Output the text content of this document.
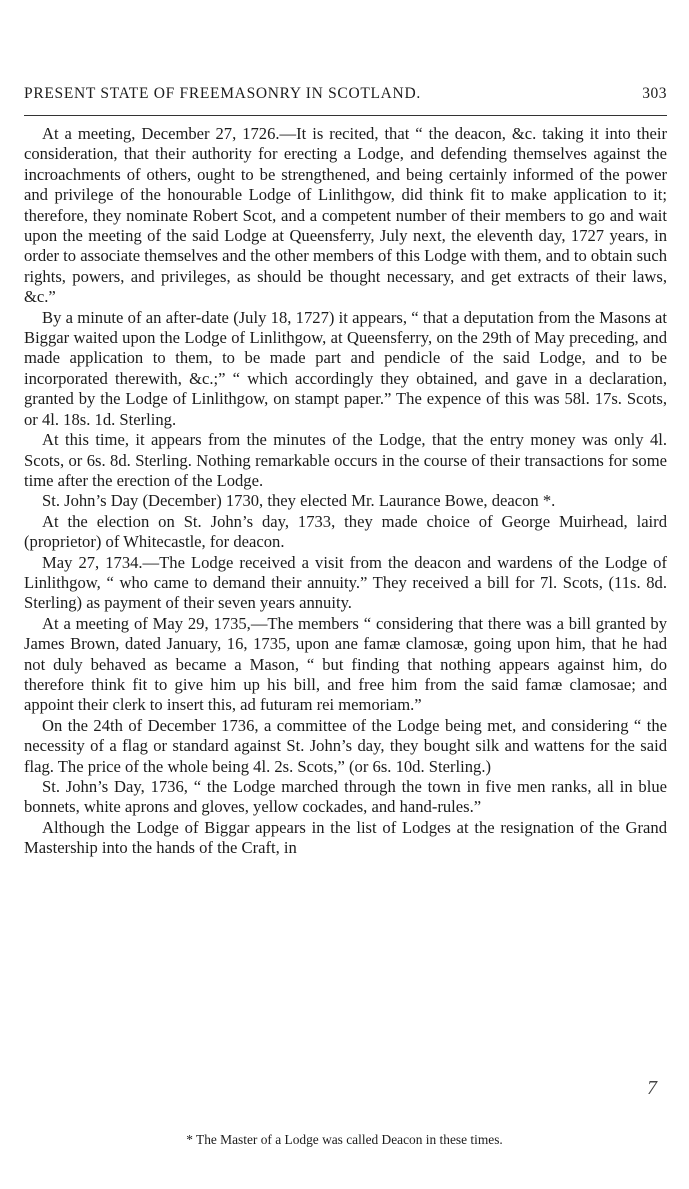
PRESENT STATE OF FREEMASONRY IN SCOTLAND.	303

At a meeting, December 27, 1726.—It is recited, that “ the deacon, &c. taking it into their consideration, that their authority for erecting a Lodge, and defending themselves against the incroachments of others, ought to be strengthened, and being certainly informed of the power and privilege of the honourable Lodge of Linlithgow, did think fit to make application to it; therefore, they nominate Robert Scot, and a competent number of their members to go and wait upon the meeting of the said Lodge at Queensferry, July next, the eleventh day, 1727 years, in order to associate themselves and the other members of this Lodge with them, and to obtain such rights, powers, and privileges, as should be thought necessary, and get extracts of their laws, &c.”

By a minute of an after-date (July 18, 1727) it appears, “ that a deputation from the Masons at Biggar waited upon the Lodge of Linlithgow, at Queensferry, on the 29th of May preceding, and made application to them, to be made part and pendicle of the said Lodge, and to be incorporated therewith, &c.;” “ which accordingly they obtained, and gave in a declaration, granted by the Lodge of Linlithgow, on stampt paper.” The expence of this was 58l. 17s. Scots, or 4l. 18s. 1d. Sterling.

At this time, it appears from the minutes of the Lodge, that the entry money was only 4l. Scots, or 6s. 8d. Sterling. Nothing remarkable occurs in the course of their transactions for some time after the erection of the Lodge.

St. John’s Day (December) 1730, they elected Mr. Laurance Bowe, deacon *.

At the election on St. John’s day, 1733, they made choice of George Muirhead, laird (proprietor) of Whitecastle, for deacon.

May 27, 1734.—The Lodge received a visit from the deacon and wardens of the Lodge of Linlithgow, “ who came to demand their annuity.” They received a bill for 7l. Scots, (11s. 8d. Sterling) as payment of their seven years annuity.

At a meeting of May 29, 1735,—The members “ considering that there was a bill granted by James Brown, dated January, 16, 1735, upon ane famæ clamosæ, going upon him, that he had not duly behaved as became a Mason, “ but finding that nothing appears against him, do therefore think fit to give him up his bill, and free him from the said famæ clamosae; and appoint their clerk to insert this, ad futuram rei memoriam.”

On the 24th of December 1736, a committee of the Lodge being met, and considering “ the necessity of a flag or standard against St. John’s day, they bought silk and wattens for the said flag. The price of the whole being 4l. 2s. Scots,” (or 6s. 10d. Sterling.)

St. John’s Day, 1736, “ the Lodge marched through the town in five men ranks, all in blue bonnets, white aprons and gloves, yellow cockades, and hand-rules.”

Although the Lodge of Biggar appears in the list of Lodges at the resignation of the Grand Mastership into the hands of the Craft, in

7
* The Master of a Lodge was called Deacon in these times.
